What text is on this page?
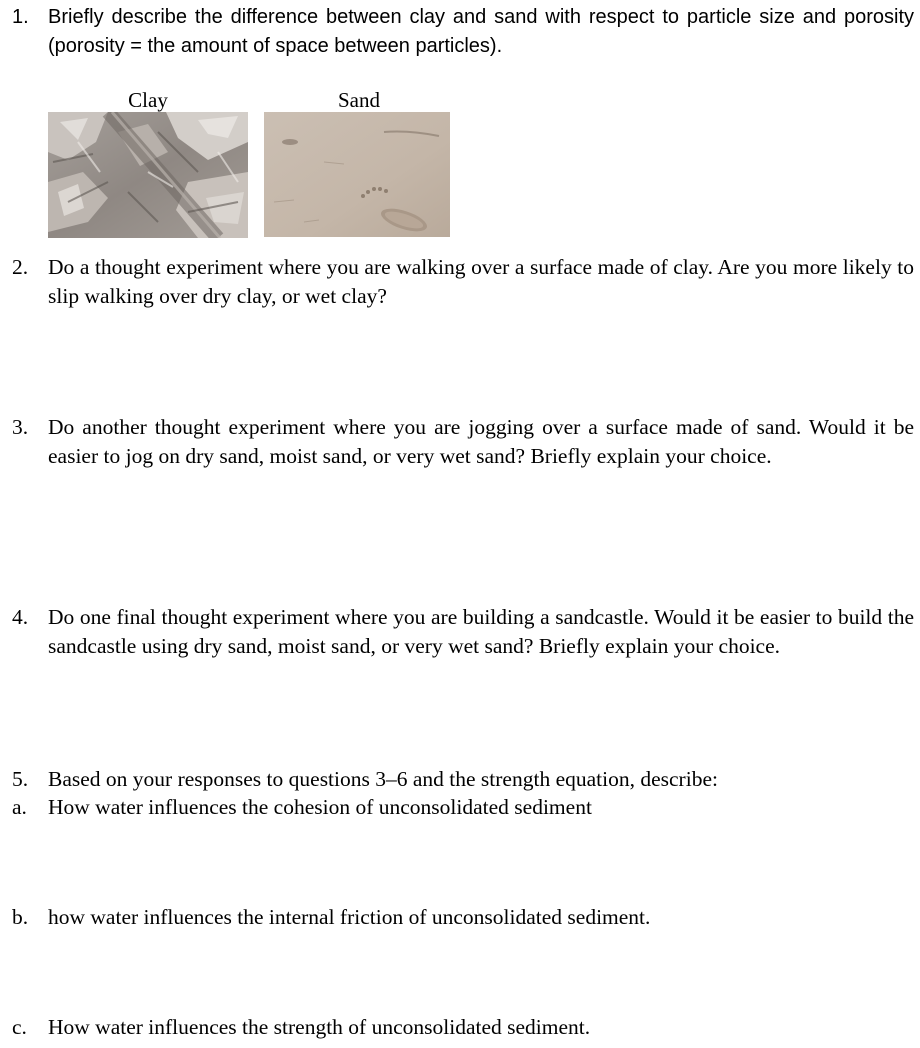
1. Briefly describe the difference between clay and sand with respect to particle size and porosity (porosity = the amount of space between particles).
Clay	Sand
2. Do a thought experiment where you are walking over a surface made of clay. Are you more likely to slip walking over dry clay, or wet clay?
3. Do another thought experiment where you are jogging over a surface made of sand. Would it be easier to jog on dry sand, moist sand, or very wet sand? Briefly explain your choice.
4. Do one final thought experiment where you are building a sandcastle. Would it be easier to build the sandcastle using dry sand, moist sand, or very wet sand? Briefly explain your choice.
5. Based on your responses to questions 3–6 and the strength equation, describe:
a. How water influences the cohesion of unconsolidated sediment
b. how water influences the internal friction of unconsolidated sediment.
c. How water influences the strength of unconsolidated sediment.
